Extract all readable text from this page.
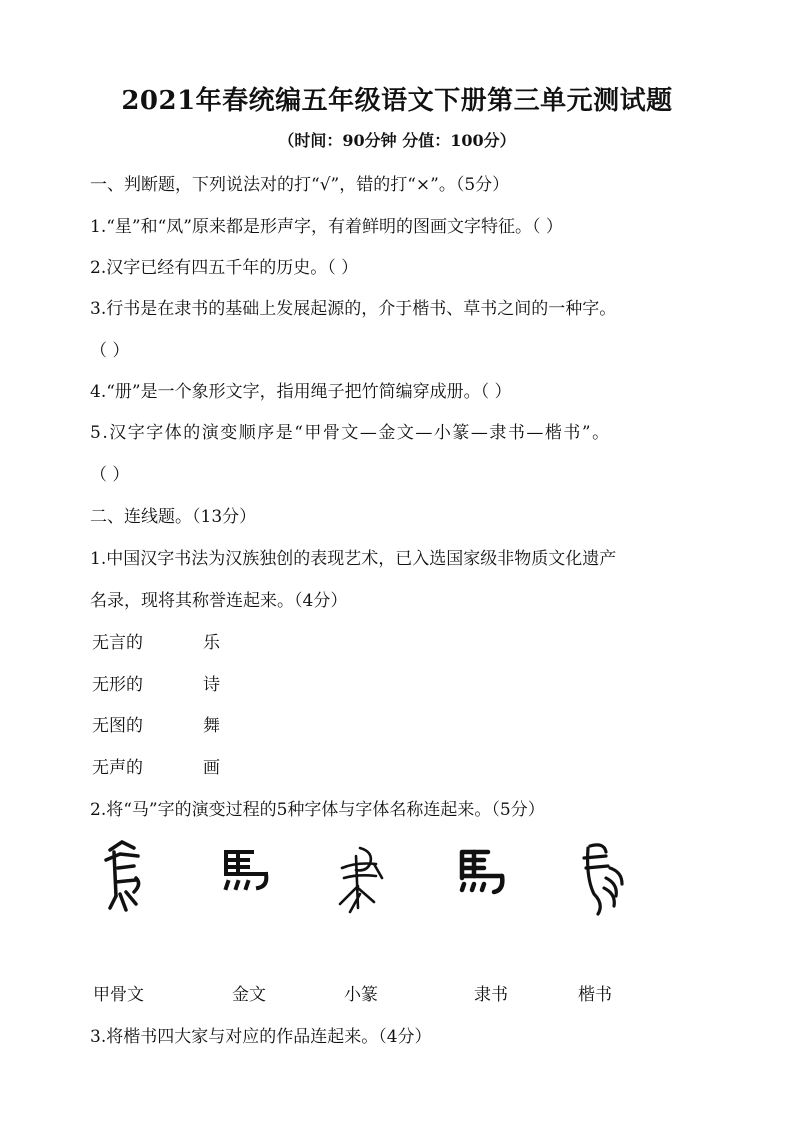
2021年春统编五年级语文下册第三单元测试题
（时间：90分钟 分值：100分）
一、判断题，下列说法对的打“√”，错的打“×”。（5分）
1.“星”和“凤”原来都是形声字，有着鲜明的图画文字特征。（ ）
2.汉字已经有四五千年的历史。（ ）
3.行书是在隶书的基础上发展起源的，介于楷书、草书之间的一种字。
（ ）
4.“册”是一个象形文字，指用绳子把竹简编穿成册。（ ）
5.汉字字体的演变顺序是“甲骨文—金文—小篆—隶书—楷书”。
（ ）
二、连线题。（13分）
1.中国汉字书法为汉族独创的表现艺术，已入选国家级非物质文化遗产
名录，现将其称誉连起来。（4分）
无言的	乐
无形的	诗
无图的	舞
无声的	画
2.将“马”字的演变过程的5种字体与字体名称连起来。（5分）
甲骨文	金文	小篆	隶书	楷书
3.将楷书四大家与对应的作品连起来。（4分）
